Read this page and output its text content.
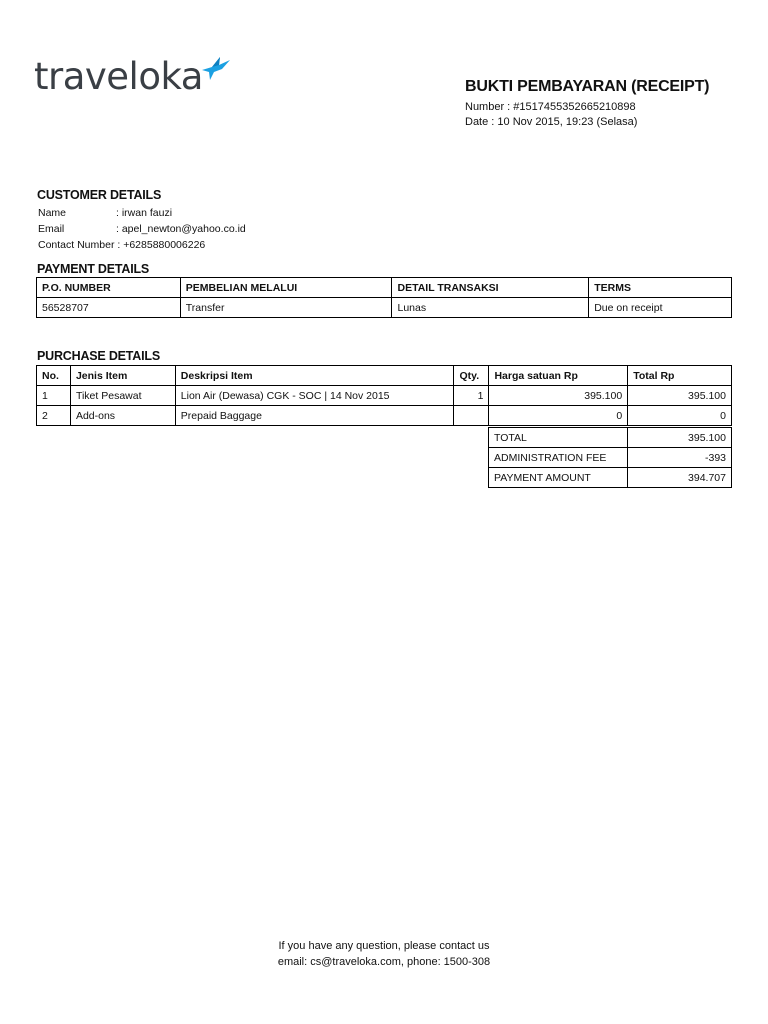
traveloka	BUKTI PEMBAYARAN (RECEIPT)
Number : #1517455352665210898
Date : 10 Nov 2015, 19:23 (Selasa)
CUSTOMER DETAILS
Name	: irwan fauzi
Email	: apel_newton@yahoo.co.id
Contact Number : +6285880006226
PAYMENT DETAILS
P.O. NUMBER	PEMBELIAN MELALUI	DETAIL TRANSAKSI	TERMS
56528707	Transfer	Lunas	Due on receipt
PURCHASE DETAILS
No.	Jenis Item	Deskripsi Item	Qty.	Harga satuan Rp	Total Rp
1	Tiket Pesawat	Lion Air (Dewasa) CGK - SOC | 14 Nov 2015	1	395.100	395.100
2	Add-ons	Prepaid Baggage		0	0
TOTAL	395.100
ADMINISTRATION FEE	-393
PAYMENT AMOUNT	394.707
If you have any question, please contact us
email: cs@traveloka.com, phone: 1500-308
